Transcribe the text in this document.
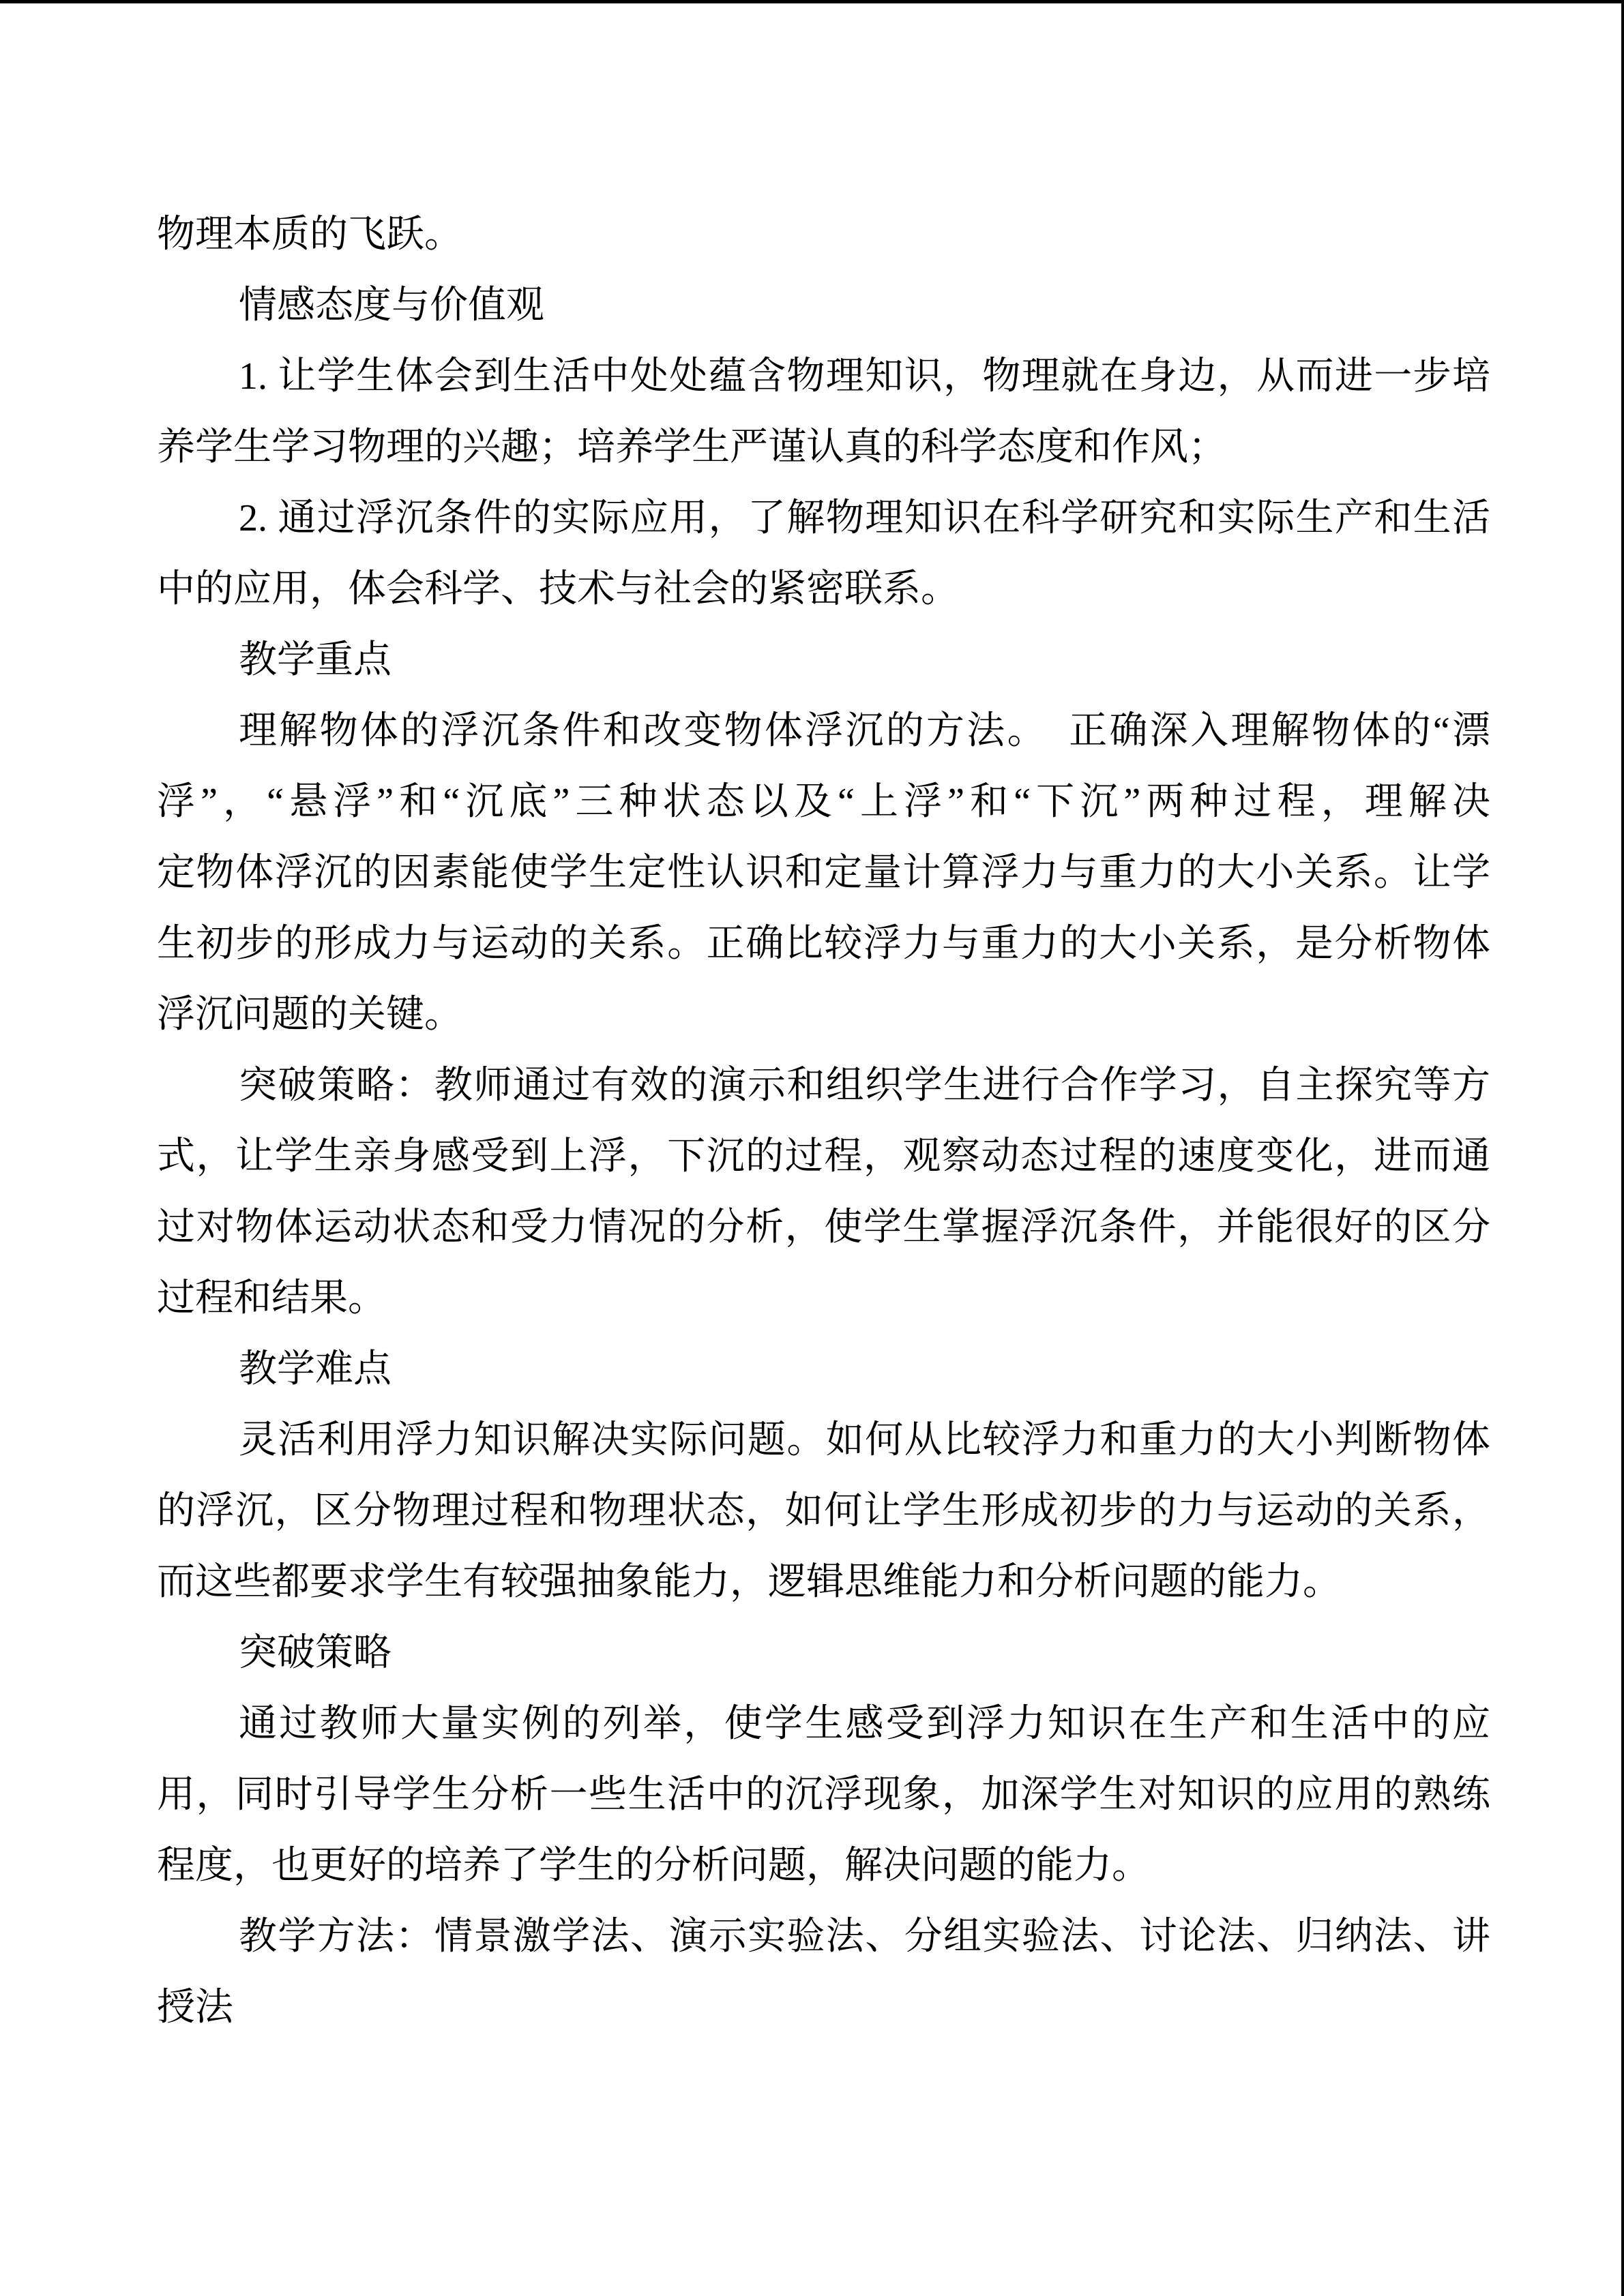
物理本质的飞跃。
情感态度与价值观
1. 让学生体会到生活中处处蕴含物理知识，物理就在身边，从而进一步培
养学生学习物理的兴趣；培养学生严谨认真的科学态度和作风；
2. 通过浮沉条件的实际应用，了解物理知识在科学研究和实际生产和生活
中的应用，体会科学、技术与社会的紧密联系。
教学重点
理解物体的浮沉条件和改变物体浮沉的方法。　正确深入理解物体的“漂
浮”，“悬浮”和“沉底”三种状态以及“上浮”和“下沉”两种过程，理解决
定物体浮沉的因素能使学生定性认识和定量计算浮力与重力的大小关系。让学
生初步的形成力与运动的关系。正确比较浮力与重力的大小关系，是分析物体
浮沉问题的关键。
突破策略：教师通过有效的演示和组织学生进行合作学习，自主探究等方
式，让学生亲身感受到上浮，下沉的过程，观察动态过程的速度变化，进而通
过对物体运动状态和受力情况的分析，使学生掌握浮沉条件，并能很好的区分
过程和结果。
教学难点
灵活利用浮力知识解决实际问题。如何从比较浮力和重力的大小判断物体
的浮沉，区分物理过程和物理状态，如何让学生形成初步的力与运动的关系，
而这些都要求学生有较强抽象能力，逻辑思维能力和分析问题的能力。
突破策略
通过教师大量实例的列举，使学生感受到浮力知识在生产和生活中的应
用，同时引导学生分析一些生活中的沉浮现象，加深学生对知识的应用的熟练
程度，也更好的培养了学生的分析问题，解决问题的能力。
教学方法：情景激学法、演示实验法、分组实验法、讨论法、归纳法、讲
授法
